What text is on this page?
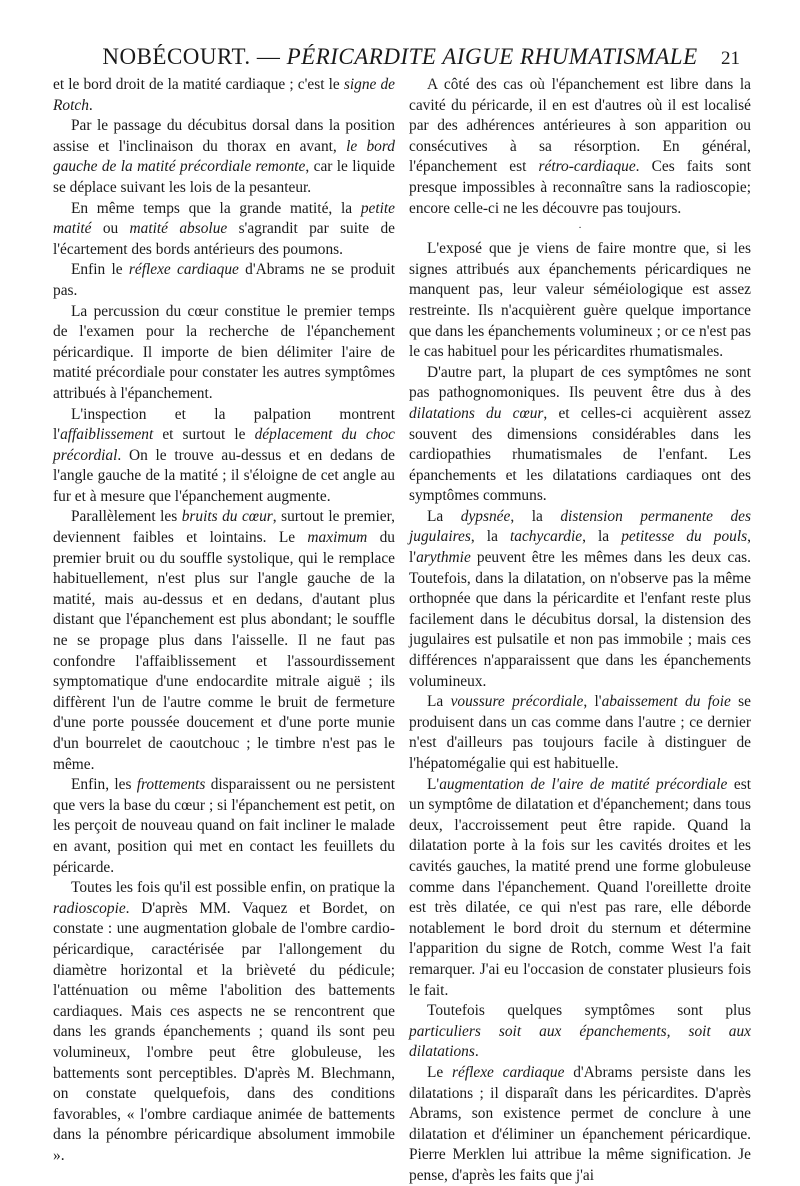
NOBÉCOURT. — PÉRICARDITE AIGUE RHUMATISMALE	21

et le bord droit de la matité cardiaque ; c'est le signe de Rotch.

Par le passage du décubitus dorsal dans la position assise et l'inclinaison du thorax en avant, le bord gauche de la matité précordiale remonte, car le liquide se déplace suivant les lois de la pesanteur.

En même temps que la grande matité, la petite matité ou matité absolue s'agrandit par suite de l'écartement des bords antérieurs des poumons.

Enfin le réflexe cardiaque d'Abrams ne se produit pas.

La percussion du cœur constitue le premier temps de l'examen pour la recherche de l'épanchement péricardique. Il importe de bien délimiter l'aire de matité précordiale pour constater les autres symptômes attribués à l'épanchement.

L'inspection et la palpation montrent l'affaiblissement et surtout le déplacement du choc précordial. On le trouve au-dessus et en dedans de l'angle gauche de la matité ; il s'éloigne de cet angle au fur et à mesure que l'épanchement augmente.

Parallèlement les bruits du cœur, surtout le premier, deviennent faibles et lointains. Le maximum du premier bruit ou du souffle systolique, qui le remplace habituellement, n'est plus sur l'angle gauche de la matité, mais au-dessus et en dedans, d'autant plus distant que l'épanchement est plus abondant; le souffle ne se propage plus dans l'aisselle. Il ne faut pas confondre l'affaiblissement et l'assourdissement symptomatique d'une endocardite mitrale aiguë ; ils diffèrent l'un de l'autre comme le bruit de fermeture d'une porte poussée doucement et d'une porte munie d'un bourrelet de caoutchouc ; le timbre n'est pas le même.

Enfin, les frottements disparaissent ou ne persistent que vers la base du cœur ; si l'épanchement est petit, on les perçoit de nouveau quand on fait incliner le malade en avant, position qui met en contact les feuillets du péricarde.

Toutes les fois qu'il est possible enfin, on pratique la radioscopie. D'après MM. Vaquez et Bordet, on constate : une augmentation globale de l'ombre cardio-péricardique, caractérisée par l'allongement du diamètre horizontal et la brièveté du pédicule; l'atténuation ou même l'abolition des battements cardiaques. Mais ces aspects ne se rencontrent que dans les grands épanchements ; quand ils sont peu volumineux, l'ombre peut être globuleuse, les battements sont perceptibles. D'après M. Blechmann, on constate quelquefois, dans des conditions favorables, « l'ombre cardiaque animée de battements dans la pénombre péricardique absolument immobile ».

A côté des cas où l'épanchement est libre dans la cavité du péricarde, il en est d'autres où il est localisé par des adhérences antérieures à son apparition ou consécutives à sa résorption. En général, l'épanchement est rétro-cardiaque. Ces faits sont presque impossibles à reconnaître sans la radioscopie; encore celle-ci ne les découvre pas toujours.

·

L'exposé que je viens de faire montre que, si les signes attribués aux épanchements péricardiques ne manquent pas, leur valeur séméiologique est assez restreinte. Ils n'acquièrent guère quelque importance que dans les épanchements volumineux ; or ce n'est pas le cas habituel pour les péricardites rhumatismales.

D'autre part, la plupart de ces symptômes ne sont pas pathognomoniques. Ils peuvent être dus à des dilatations du cœur, et celles-ci acquièrent assez souvent des dimensions considérables dans les cardiopathies rhumatismales de l'enfant. Les épanchements et les dilatations cardiaques ont des symptômes communs.

La dypsnée, la distension permanente des jugulaires, la tachycardie, la petitesse du pouls, l'arythmie peuvent être les mêmes dans les deux cas. Toutefois, dans la dilatation, on n'observe pas la même orthopnée que dans la péricardite et l'enfant reste plus facilement dans le décubitus dorsal, la distension des jugulaires est pulsatile et non pas immobile ; mais ces différences n'apparaissent que dans les épanchements volumineux.

La voussure précordiale, l'abaissement du foie se produisent dans un cas comme dans l'autre ; ce dernier n'est d'ailleurs pas toujours facile à distinguer de l'hépatomégalie qui est habituelle.

L'augmentation de l'aire de matité précordiale est un symptôme de dilatation et d'épanchement; dans tous deux, l'accroissement peut être rapide. Quand la dilatation porte à la fois sur les cavités droites et les cavités gauches, la matité prend une forme globuleuse comme dans l'épanchement. Quand l'oreillette droite est très dilatée, ce qui n'est pas rare, elle déborde notablement le bord droit du sternum et détermine l'apparition du signe de Rotch, comme West l'a fait remarquer. J'ai eu l'occasion de constater plusieurs fois le fait.

Toutefois quelques symptômes sont plus particuliers soit aux épanchements, soit aux dilatations.

Le réflexe cardiaque d'Abrams persiste dans les dilatations ; il disparaît dans les péricardites. D'après Abrams, son existence permet de conclure à une dilatation et d'éliminer un épanchement péricardique. Pierre Merklen lui attribue la même signification. Je pense, d'après les faits que j'ai
